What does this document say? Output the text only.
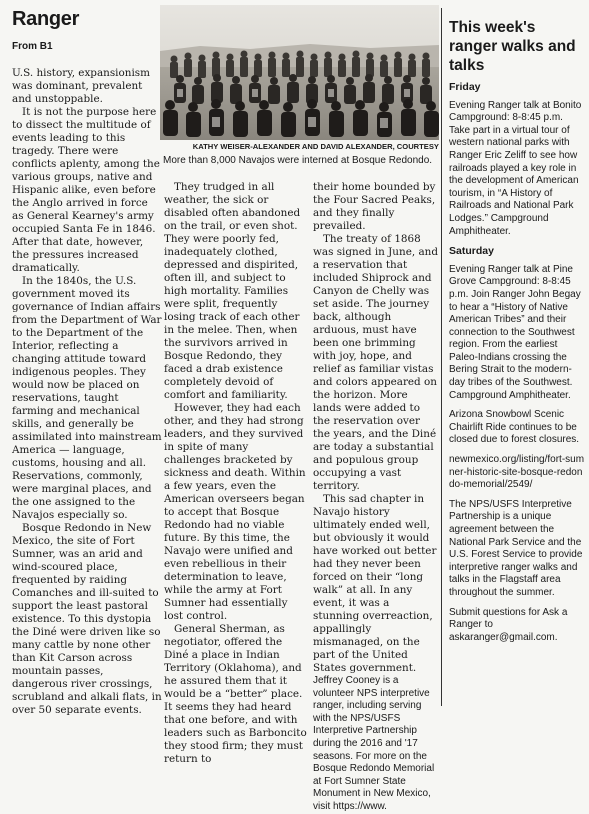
Ranger
From B1

U.S. history, expansionism was dominant, prevalent and unstoppable.

It is not the purpose here to dissect the multitude of events leading to this tragedy. There were conflicts aplenty, among the various groups, native and Hispanic alike, even before the Anglo arrived in force as General Kearney's army occupied Santa Fe in 1846. After that date, however, the pressures increased dramatically.

In the 1840s, the U.S. government moved its governance of Indian affairs from the Department of War to the Department of the Interior, reflecting a changing attitude toward indigenous peoples. They would now be placed on reservations, taught farming and mechanical skills, and generally be assimilated into mainstream America — language, customs, housing and all. Reservations, commonly, were marginal places, and the one assigned to the Navajos especially so.

Bosque Redondo in New Mexico, the site of Fort Sumner, was an arid and wind-scoured place, frequented by raiding Comanches and ill-suited to support the least pastoral existence. To this dystopia the Diné were driven like so many cattle by none other than Kit Carson across mountain passes, dangerous river crossings, scrubland and alkali flats, in over 50 separate events.

KATHY WEISER-ALEXANDER AND DAVID ALEXANDER, COURTESY
More than 8,000 Navajos were interned at Bosque Redondo.

They trudged in all weather, the sick or disabled often abandoned on the trail, or even shot. They were poorly fed, inadequately clothed, depressed and dispirited, often ill, and subject to high mortality. Families were split, frequently losing track of each other in the melee. Then, when the survivors arrived in Bosque Redondo, they faced a drab existence completely devoid of comfort and familiarity.

However, they had each other, and they had strong leaders, and they survived in spite of many challenges bracketed by sickness and death. Within a few years, even the American overseers began to accept that Bosque Redondo had no viable future. By this time, the Navajo were unified and even rebellious in their determination to leave, while the army at Fort Sumner had essentially lost control.

General Sherman, as negotiator, offered the Diné a place in Indian Territory (Oklahoma), and he assured them that it would be a “better” place. It seems they had heard that one before, and with leaders such as Barboncito they stood firm; they must return to

their home bounded by the Four Sacred Peaks, and they finally prevailed.

The treaty of 1868 was signed in June, and a reservation that included Shiprock and Canyon de Chelly was set aside. The journey back, although arduous, must have been one brimming with joy, hope, and relief as familiar vistas and colors appeared on the horizon. More lands were added to the reservation over the years, and the Diné are today a substantial and populous group occupying a vast territory.

This sad chapter in Navajo history ultimately ended well, but obviously it would have worked out better had they never been forced on their “long walk” at all. In any event, it was a stunning overreaction, appallingly mismanaged, on the part of the United States government.

Jeffrey Cooney is a volunteer NPS interpretive ranger, including serving with the NPS/USFS Interpretive Partnership during the 2016 and '17 seasons. For more on the Bosque Redondo Memorial at Fort Sumner State Monument in New Mexico, visit https://www.

This week's ranger walks and talks
Friday

Evening Ranger talk at Bonito Campground: 8-8:45 p.m. Take part in a virtual tour of western national parks with Ranger Eric Zeliff to see how railroads played a key role in the development of American tourism, in “A History of Railroads and National Park Lodges.” Campground Amphitheater.

Saturday

Evening Ranger talk at Pine Grove Campground: 8-8:45 p.m. Join Ranger John Begay to hear a “History of Native American Tribes” and their connection to the Southwest region. From the earliest Paleo-Indians crossing the Bering Strait to the modern-day tribes of the Southwest. Campground Amphitheater.

Arizona Snowbowl Scenic Chairlift Ride continues to be closed due to forest closures.

newmexico.org/listing/fort-sumner-historic-site-bosque-redondo-memorial/2549/

The NPS/USFS Interpretive Partnership is a unique agreement between the National Park Service and the U.S. Forest Service to provide interpretive ranger walks and talks in the Flagstaff area throughout the summer.

Submit questions for Ask a Ranger to askaranger@gmail.com.
